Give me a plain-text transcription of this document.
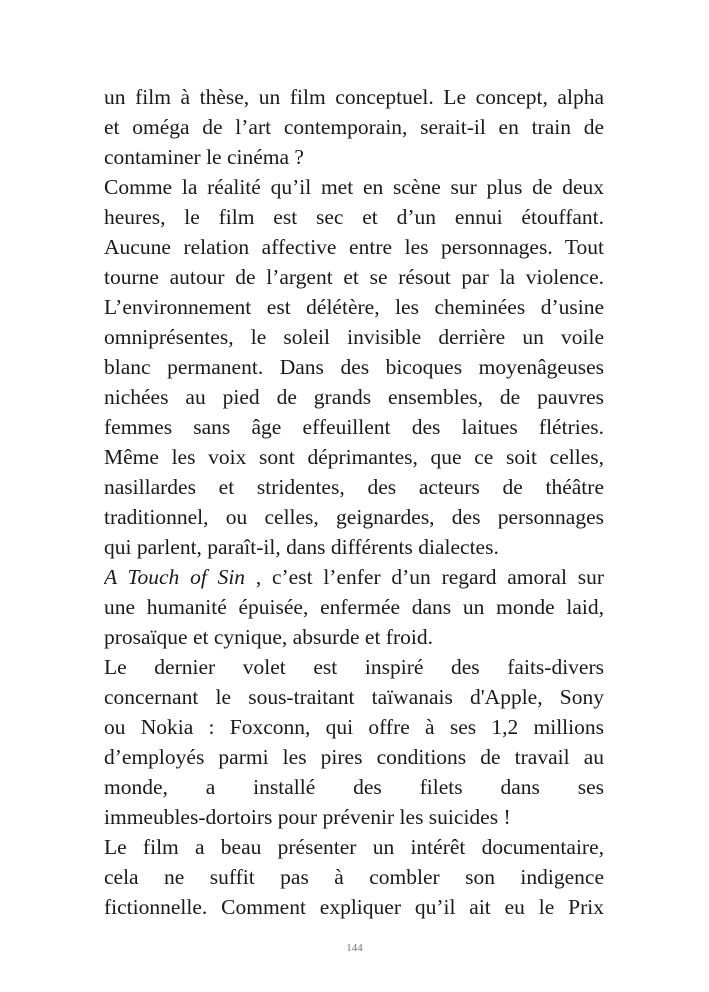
un film à thèse, un film conceptuel. Le concept, alpha
et oméga de l’art contemporain, serait-il en train de
contaminer le cinéma ?
Comme la réalité qu’il met en scène sur plus de deux
heures, le film est sec et d’un ennui étouffant.
Aucune relation affective entre les personnages. Tout
tourne autour de l’argent et se résout par la violence.
L’environnement est délétère, les cheminées d’usine
omniprésentes, le soleil invisible derrière un voile
blanc permanent. Dans des bicoques moyenâgeuses
nichées au pied de grands ensembles, de pauvres
femmes sans âge effeuillent des laitues flétries.
Même les voix sont déprimantes, que ce soit celles,
nasillardes et stridentes, des acteurs de théâtre
traditionnel, ou celles, geignardes, des personnages
qui parlent, paraît-il, dans différents dialectes.
A Touch of Sin , c’est l’enfer d’un regard amoral sur
une humanité épuisée, enfermée dans un monde laid,
prosaïque et cynique, absurde et froid.
Le dernier volet est inspiré des faits-divers
concernant le sous-traitant taïwanais d'Apple, Sony
ou Nokia : Foxconn, qui offre à ses 1,2 millions
d’employés parmi les pires conditions de travail au
monde, a installé des filets dans ses
immeubles-dortoirs pour prévenir les suicides !
Le film a beau présenter un intérêt documentaire,
cela ne suffit pas à combler son indigence
fictionnelle. Comment expliquer qu’il ait eu le Prix
144
